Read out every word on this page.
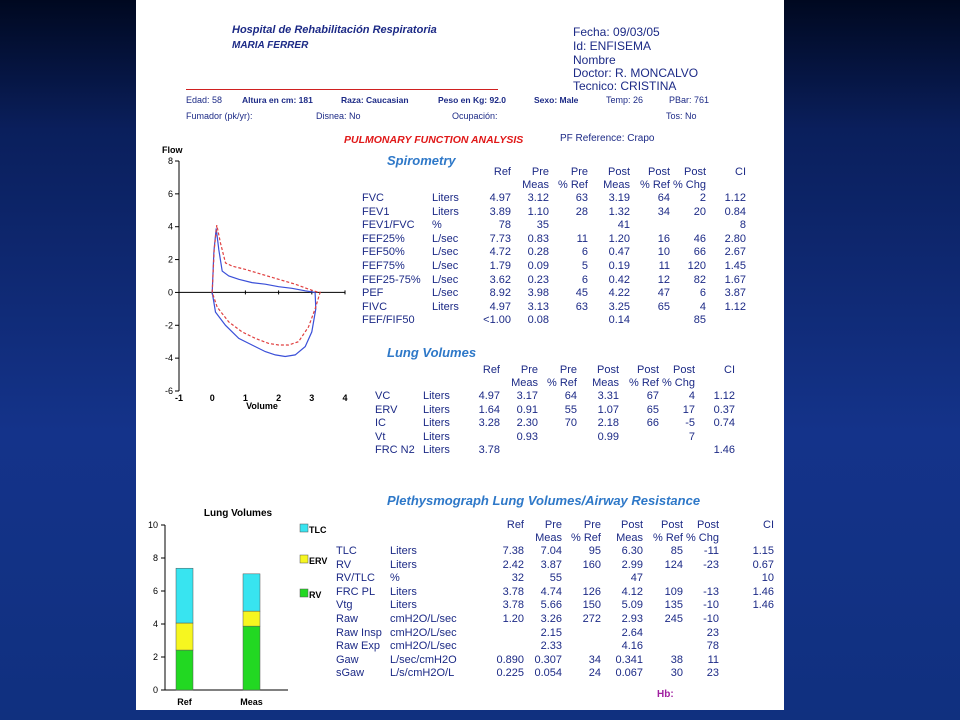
Hospital de Rehabilitación Respiratoria
MARIA FERRER
Fecha: 09/03/05
Id: ENFISEMA
Nombre
Doctor: R. MONCALVO
Tecnico: CRISTINA
Edad: 58 Altura en cm: 181	Raza: Caucasian	Peso en Kg: 92.0	Sexo: Male	Temp: 26	PBar: 761
Fumador (pk/yr):	Disnea: No	Ocupación:	Tos: No
PULMONARY FUNCTION ANALYSIS	PF Reference: Crapo
Spirometry
Lung Volumes
Plethysmograph Lung Volumes/Airway Resistance
		Ref	Pre	Pre	Post	Post	Post	CI
			Meas	% Ref	Meas	% Ref	% Chg	
FVC	Liters	4.97	3.12	63	3.19	64	2	1.12
FEV1	Liters	3.89	1.10	28	1.32	34	20	0.84
FEV1/FVC	%	78	35		41			8
FEF25%	L/sec	7.73	0.83	11	1.20	16	46	2.80
FEF50%	L/sec	4.72	0.28	6	0.47	10	66	2.67
FEF75%	L/sec	1.79	0.09	5	0.19	11	120	1.45
FEF25-75%	L/sec	3.62	0.23	6	0.42	12	82	1.67
PEF	L/sec	8.92	3.98	45	4.22	47	6	3.87
FIVC	Liters	4.97	3.13	63	3.25	65	4	1.12
FEF/FIF50		<1.00	0.08		0.14		85	
		Ref	Pre	Pre	Post	Post	Post	CI
			Meas	% Ref	Meas	% Ref	% Chg	
VC	Liters	4.97	3.17	64	3.31	67	4	1.12
ERV	Liters	1.64	0.91	55	1.07	65	17	0.37
IC	Liters	3.28	2.30	70	2.18	66	-5	0.74
Vt	Liters		0.93		0.99		7	
FRC N2	Liters	3.78						1.46
		Ref	Pre	Pre	Post	Post	Post	CI
			Meas	% Ref	Meas	% Ref	% Chg	
TLC	Liters	7.38	7.04	95	6.30	85	-11	1.15
RV	Liters	2.42	3.87	160	2.99	124	-23	0.67
RV/TLC	%	32	55		47			10
FRC PL	Liters	3.78	4.74	126	4.12	109	-13	1.46
Vtg	Liters	3.78	5.66	150	5.09	135	-10	1.46
Raw	cmH2O/L/sec	1.20	3.26	272	2.93	245	-10	
Raw Insp	cmH2O/L/sec		2.15		2.64		23	
Raw Exp	cmH2O/L/sec		2.33		4.16		78	
Gaw	L/sec/cmH2O	0.890	0.307	34	0.341	38	11	
sGaw	L/s/cmH2O/L	0.225	0.054	24	0.067	30	23	
Hb:
-6
-4
-2
0
2
4
6
8
-1	0	1	2	3	4
Flow
Volume
Lung Volumes
0
2
4
6
8
10
Ref	Meas
RV
ERV
TLC
